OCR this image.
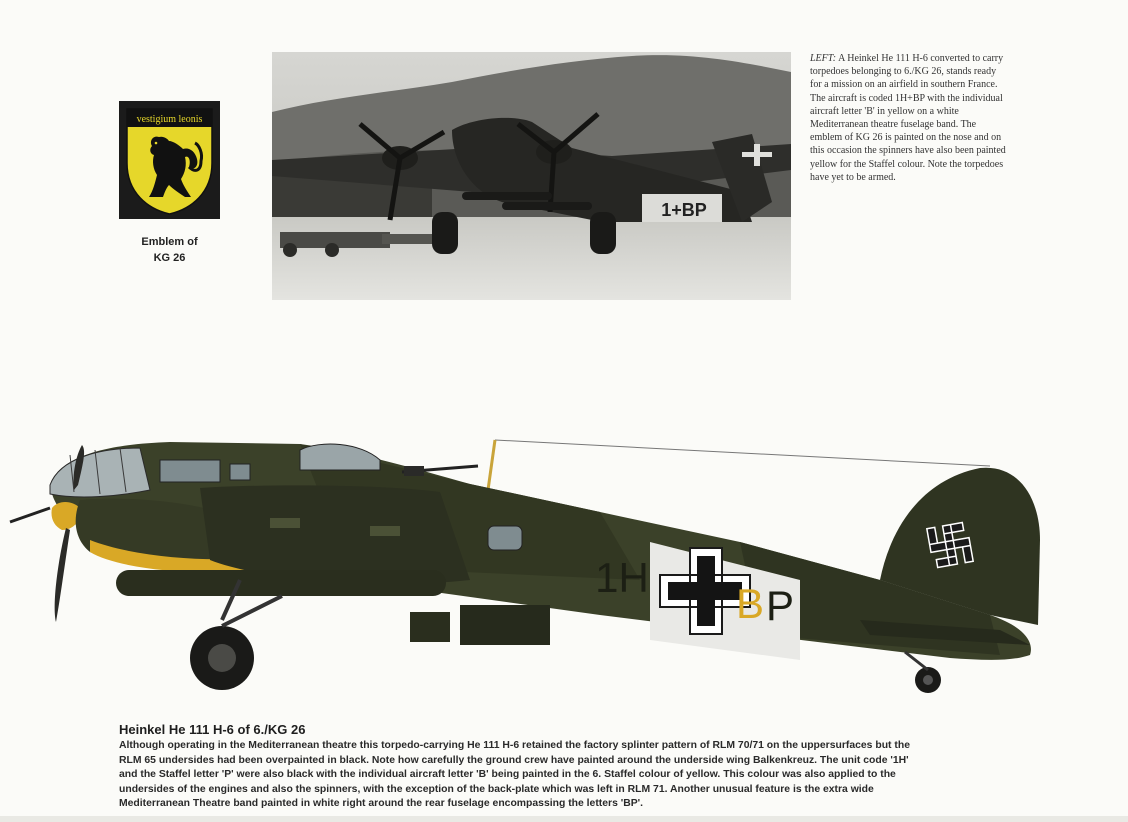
vestigium leonis
Emblem of
KG 26
1+BP
LEFT: A Heinkel He 111 H-6 converted to carry torpedoes belonging to 6./KG 26, stands ready for a mission on an airfield in southern France. The aircraft is coded 1H+BP with the individual aircraft letter 'B' in yellow on a white Mediterranean theatre fuselage band. The emblem of KG 26 is painted on the nose and on this occasion the spinners have also been painted yellow for the Staffel colour. Note the torpedoes have yet to be armed.
1H
B P
Heinkel He 111 H-6 of 6./KG 26
Although operating in the Mediterranean theatre this torpedo-carrying He 111 H-6 retained the factory splinter pattern of RLM 70/71 on the uppersurfaces but the RLM 65 undersides had been overpainted in black. Note how carefully the ground crew have painted around the underside wing Balkenkreuz. The unit code '1H' and the Staffel letter 'P' were also black with the individual aircraft letter 'B' being painted in the 6. Staffel colour of yellow. This colour was also applied to the undersides of the engines and also the spinners, with the exception of the back-plate which was left in RLM 71. Another unusual feature is the extra wide Mediterranean Theatre band painted in white right around the rear fuselage encompassing the letters 'BP'.
